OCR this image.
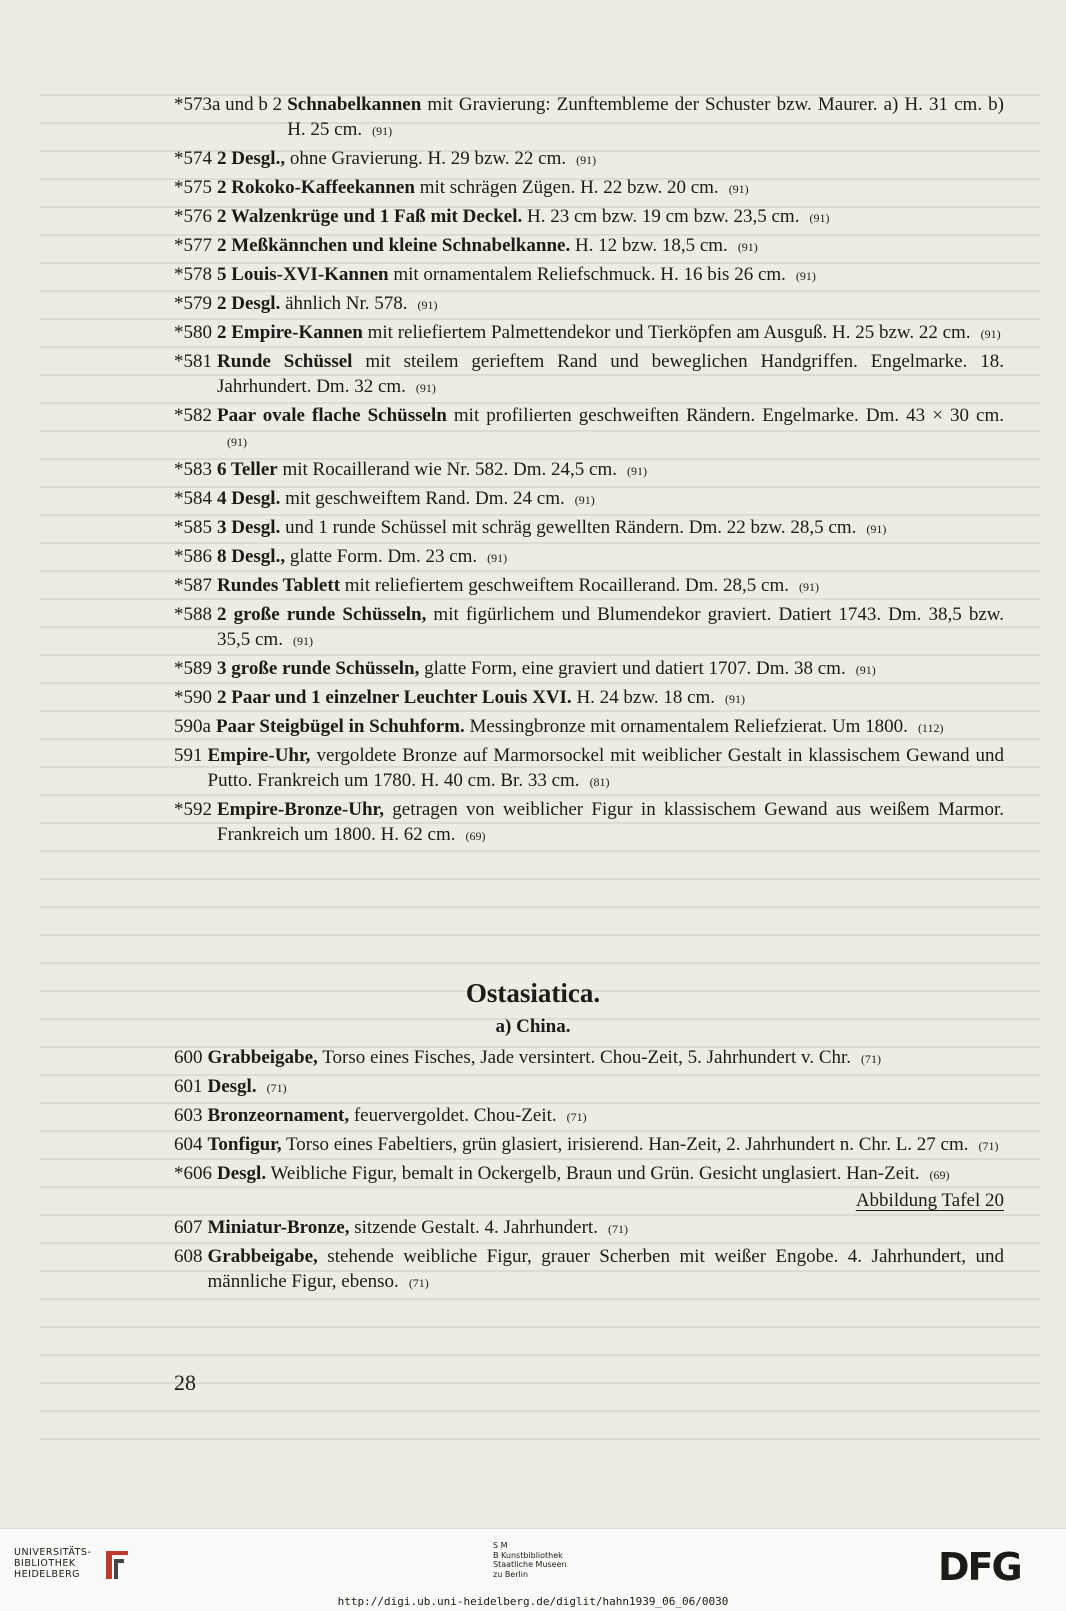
*573a und b 2 Schnabelkannen mit Gravierung: Zunftembleme der Schuster bzw. Maurer. a) H. 31 cm. b) H. 25 cm. (91)
*574 2 Desgl., ohne Gravierung. H. 29 bzw. 22 cm. (91)
*575 2 Rokoko-Kaffeekannen mit schrägen Zügen. H. 22 bzw. 20 cm. (91)
*576 2 Walzenkrüge und 1 Faß mit Deckel. H. 23 cm bzw. 19 cm bzw. 23,5 cm. (91)
*577 2 Meßkännchen und kleine Schnabelkanne. H. 12 bzw. 18,5 cm. (91)
*578 5 Louis-XVI-Kannen mit ornamentalem Reliefschmuck. H. 16 bis 26 cm. (91)
*579 2 Desgl. ähnlich Nr. 578. (91)
*580 2 Empire-Kannen mit reliefiertem Palmettendekor und Tierköpfen am Ausguß. H. 25 bzw. 22 cm. (91)
*581 Runde Schüssel mit steilem gerieftem Rand und beweglichen Handgriffen. Engelmarke. 18. Jahrhundert. Dm. 32 cm. (91)
*582 Paar ovale flache Schüsseln mit profilierten geschweiften Rändern. Engelmarke. Dm. 43 × 30 cm.(91)
*583 6 Teller mit Rocaillerand wie Nr. 582. Dm. 24,5 cm. (91)
*584 4 Desgl. mit geschweiftem Rand. Dm. 24 cm. (91)
*585 3 Desgl. und 1 runde Schüssel mit schräg gewellten Rändern. Dm. 22 bzw. 28,5 cm. (91)
*586 8 Desgl., glatte Form. Dm. 23 cm. (91)
*587 Rundes Tablett mit reliefiertem geschweiftem Rocaillerand. Dm. 28,5 cm. (91)
*588 2 große runde Schüsseln, mit figürlichem und Blumendekor graviert. Datiert 1743. Dm. 38,5 bzw. 35,5 cm. (91)
*589 3 große runde Schüsseln, glatte Form, eine graviert und datiert 1707. Dm. 38 cm. (91)
*590 2 Paar und 1 einzelner Leuchter Louis XVI. H. 24 bzw. 18 cm. (91)
590a Paar Steigbügel in Schuhform. Messingbronze mit ornamentalem Reliefzierat. Um 1800. (112)
591 Empire-Uhr, vergoldete Bronze auf Marmorsockel mit weiblicher Gestalt in klassischem Gewand und Putto. Frankreich um 1780. H. 40 cm. Br. 33 cm. (81)
*592 Empire-Bronze-Uhr, getragen von weiblicher Figur in klassischem Gewand aus weißem Marmor. Frankreich um 1800. H. 62 cm. (69)
Ostasiatica.
a) China.
600 Grabbeigabe, Torso eines Fisches, Jade versintert. Chou-Zeit, 5. Jahrhundert v. Chr. (71)
601 Desgl. (71)
603 Bronzeornament, feuervergoldet. Chou-Zeit. (71)
604 Tonfigur, Torso eines Fabeltiers, grün glasiert, irisierend. Han-Zeit, 2. Jahrhundert n. Chr. L. 27 cm. (71)
*606 Desgl. Weibliche Figur, bemalt in Ockergelb, Braun und Grün. Gesicht unglasiert. Han-Zeit. (69)
Abbildung Tafel 20
607 Miniatur-Bronze, sitzende Gestalt. 4. Jahrhundert. (71)
608 Grabbeigabe, stehende weibliche Figur, grauer Scherben mit weißer Engobe. 4. Jahrhundert, und männliche Figur, ebenso. (71)
28
UNIVERSITÄTS-
BIBLIOTHEK
HEIDELBERG
S M
B Kunstbibliothek
Staatliche Museen
zu Berlin	DFG
http://digi.ub.uni-heidelberg.de/diglit/hahn1939_06_06/0030
